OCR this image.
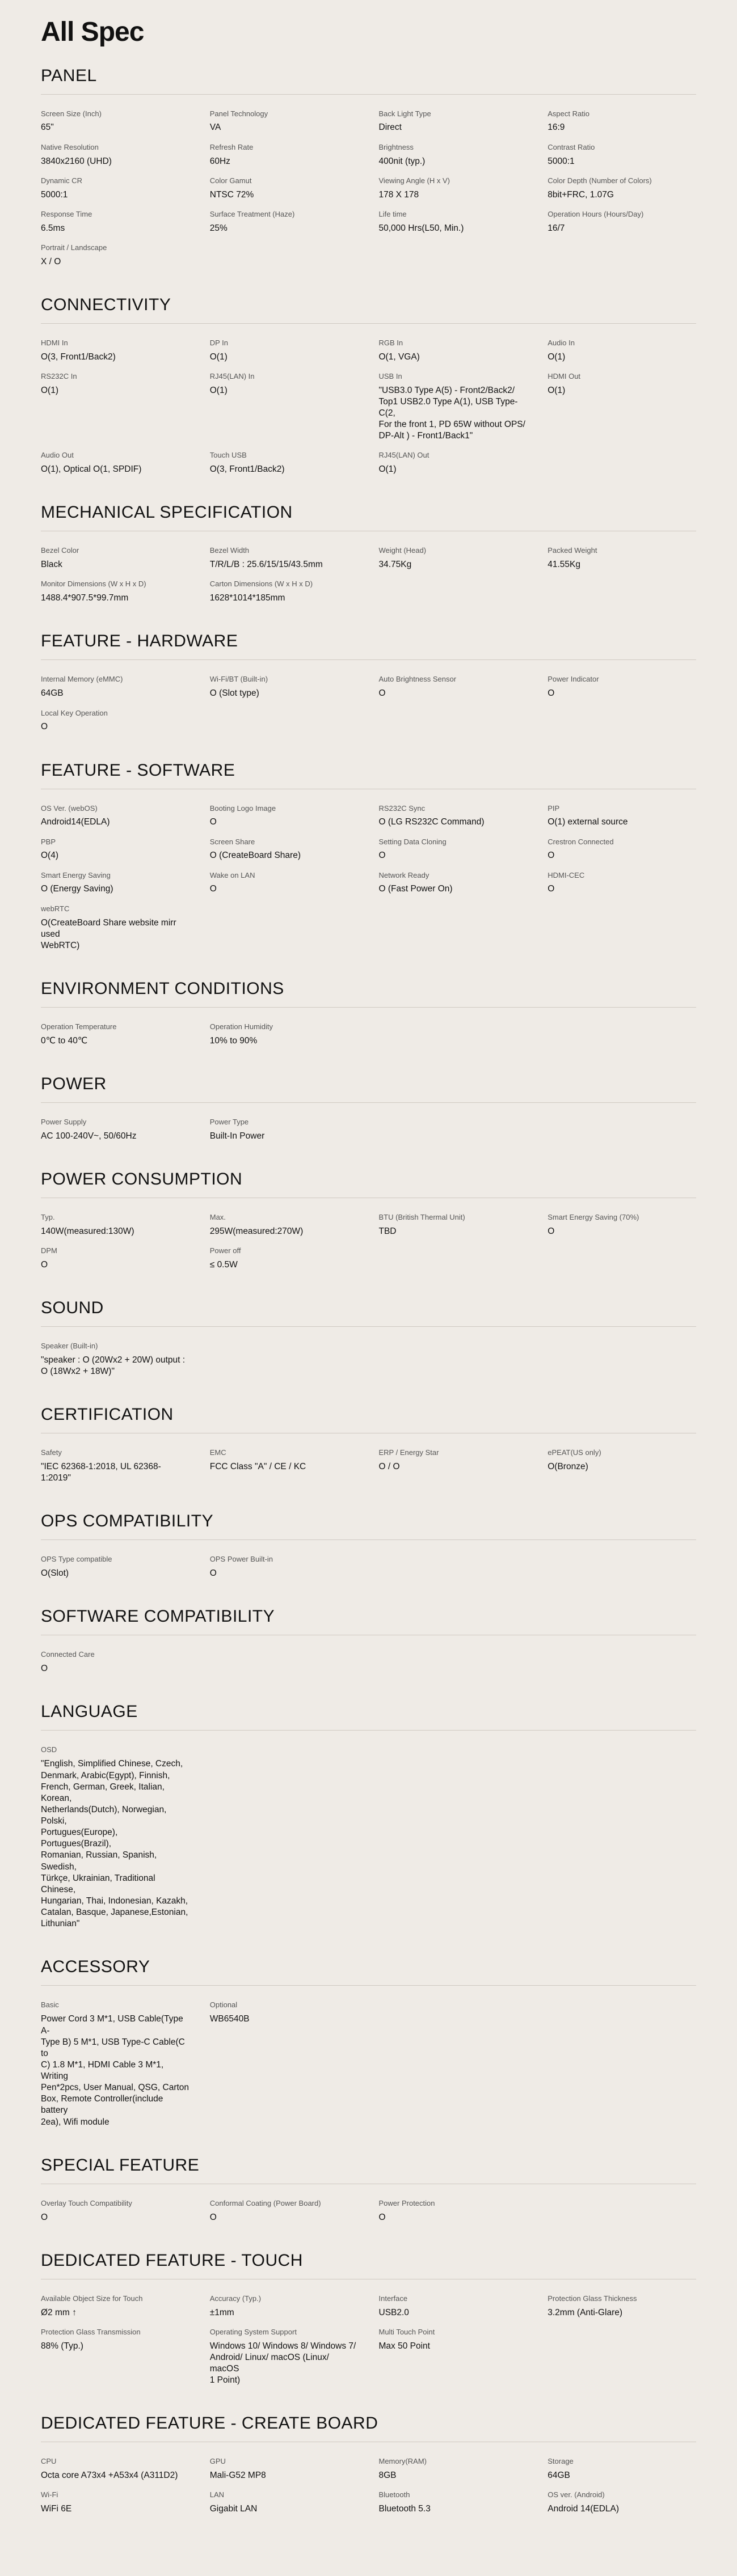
All Spec
PANEL
Screen Size (Inch)
65"
Panel Technology
VA
Back Light Type
Direct
Aspect Ratio
16:9
Native Resolution
3840x2160 (UHD)
Refresh Rate
60Hz
Brightness
400nit (typ.)
Contrast Ratio
5000:1
Dynamic CR
5000:1
Color Gamut
NTSC 72%
Viewing Angle (H x V)
178 X 178
Color Depth (Number of Colors)
8bit+FRC, 1.07G
Response Time
6.5ms
Surface Treatment (Haze)
25%
Life time
50,000 Hrs(L50, Min.)
Operation Hours (Hours/Day)
16/7
Portrait / Landscape
X / O
CONNECTIVITY
HDMI In
O(3, Front1/Back2)
DP In
O(1)
RGB In
O(1, VGA)
Audio In
O(1)
RS232C In
O(1)
RJ45(LAN) In
O(1)
USB In
"USB3.0 Type A(5) - Front2/Back2/
Top1 USB2.0 Type A(1), USB Type-C(2,
For the front 1, PD 65W without OPS/
DP-Alt ) - Front1/Back1"
HDMI Out
O(1)
Audio Out
O(1), Optical O(1, SPDIF)
Touch USB
O(3, Front1/Back2)
RJ45(LAN) Out
O(1)
MECHANICAL SPECIFICATION
Bezel Color
Black
Bezel Width
T/R/L/B : 25.6/15/15/43.5mm
Weight (Head)
34.75Kg
Packed Weight
41.55Kg
Monitor Dimensions (W x H x D)
1488.4*907.5*99.7mm
Carton Dimensions (W x H x D)
1628*1014*185mm
FEATURE - HARDWARE
Internal Memory (eMMC)
64GB
Wi-Fi/BT (Built-in)
O (Slot type)
Auto Brightness Sensor
O
Power Indicator
O
Local Key Operation
O
FEATURE - SOFTWARE
OS Ver. (webOS)
Android14(EDLA)
Booting Logo Image
O
RS232C Sync
O (LG RS232C Command)
PIP
O(1) external source
PBP
O(4)
Screen Share
O (CreateBoard Share)
Setting Data Cloning
O
Crestron Connected
O
Smart Energy Saving
O (Energy Saving)
Wake on LAN
O
Network Ready
O (Fast Power On)
HDMI-CEC
O
webRTC
O(CreateBoard Share website mirr used
WebRTC)
ENVIRONMENT CONDITIONS
Operation Temperature
0℃ to 40℃
Operation Humidity
10% to 90%
POWER
Power Supply
AC 100-240V~, 50/60Hz
Power Type
Built-In Power
POWER CONSUMPTION
Typ.
140W(measured:130W)
Max.
295W(measured:270W)
BTU (British Thermal Unit)
TBD
Smart Energy Saving (70%)
O
DPM
O
Power off
≤ 0.5W
SOUND
Speaker (Built-in)
"speaker : O (20Wx2 + 20W) output :
O (18Wx2 + 18W)"
CERTIFICATION
Safety
"IEC 62368-1:2018, UL 62368-1:2019"
EMC
FCC Class "A" / CE / KC
ERP / Energy Star
O / O
ePEAT(US only)
O(Bronze)
OPS COMPATIBILITY
OPS Type compatible
O(Slot)
OPS Power Built-in
O
SOFTWARE COMPATIBILITY
Connected Care
O
LANGUAGE
OSD
"English, Simplified Chinese, Czech,
Denmark, Arabic(Egypt), Finnish,
French, German, Greek, Italian, Korean,
Netherlands(Dutch), Norwegian, Polski,
Portugues(Europe), Portugues(Brazil),
Romanian, Russian, Spanish, Swedish,
Türkçe, Ukrainian, Traditional Chinese,
Hungarian, Thai, Indonesian, Kazakh,
Catalan, Basque, Japanese,Estonian,
Lithunian"
ACCESSORY
Basic
Power Cord 3 M*1, USB Cable(Type A-
Type B) 5 M*1, USB Type-C Cable(C to
C) 1.8 M*1, HDMI Cable 3 M*1, Writing
Pen*2pcs, User Manual, QSG, Carton
Box, Remote Controller(include battery
2ea), Wifi module
Optional
WB6540B
SPECIAL FEATURE
Overlay Touch Compatibility
O
Conformal Coating (Power Board)
O
Power Protection
O
DEDICATED FEATURE - TOUCH
Available Object Size for Touch
Ø2 mm ↑
Accuracy (Typ.)
±1mm
Interface
USB2.0
Protection Glass Thickness
3.2mm (Anti-Glare)
Protection Glass Transmission
88% (Typ.)
Operating System Support
Windows 10/ Windows 8/ Windows 7/
Android/ Linux/ macOS (Linux/ macOS
1 Point)
Multi Touch Point
Max 50 Point
DEDICATED FEATURE - CREATE BOARD
CPU
Octa core A73x4 +A53x4 (A311D2)
GPU
Mali-G52 MP8
Memory(RAM)
8GB
Storage
64GB
Wi-Fi
WiFi 6E
LAN
Gigabit LAN
Bluetooth
Bluetooth 5.3
OS ver. (Android)
Android 14(EDLA)
